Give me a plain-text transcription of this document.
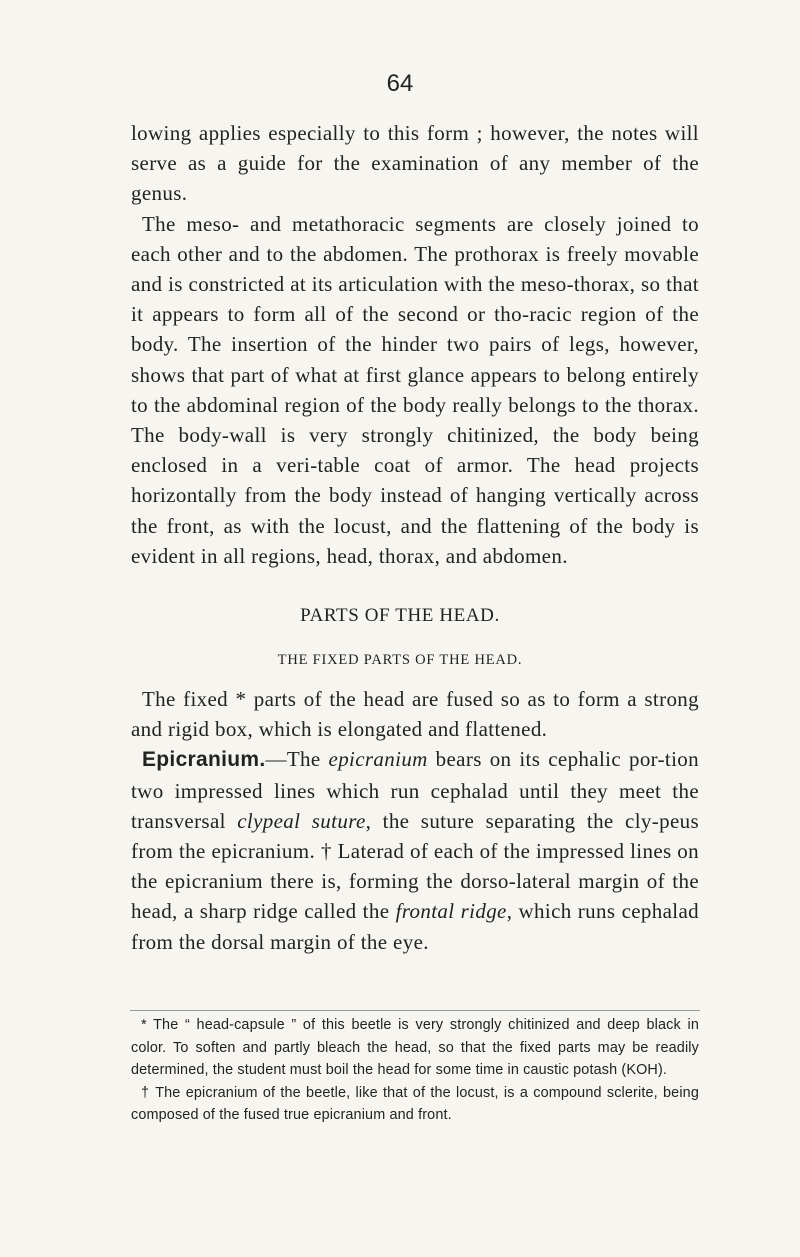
64

lowing applies especially to this form ; however, the notes will serve as a guide for the examination of any member of the genus.

The meso- and metathoracic segments are closely joined to each other and to the abdomen. The prothorax is freely movable and is constricted at its articulation with the meso-thorax, so that it appears to form all of the second or tho-racic region of the body. The insertion of the hinder two pairs of legs, however, shows that part of what at first glance appears to belong entirely to the abdominal region of the body really belongs to the thorax. The body-wall is very strongly chitinized, the body being enclosed in a veri-table coat of armor. The head projects horizontally from the body instead of hanging vertically across the front, as with the locust, and the flattening of the body is evident in all regions, head, thorax, and abdomen.

PARTS OF THE HEAD.
THE FIXED PARTS OF THE HEAD.

The fixed * parts of the head are fused so as to form a strong and rigid box, which is elongated and flattened.

Epicranium.—The epicranium bears on its cephalic por-tion two impressed lines which run cephalad until they meet the transversal clypeal suture, the suture separating the cly-peus from the epicranium. † Laterad of each of the impressed lines on the epicranium there is, forming the dorso-lateral margin of the head, a sharp ridge called the frontal ridge, which runs cephalad from the dorsal margin of the eye.

* The “ head-capsule ” of this beetle is very strongly chitinized and deep black in color. To soften and partly bleach the head, so that the fixed parts may be readily determined, the student must boil the head for some time in caustic potash (KOH).

† The epicranium of the beetle, like that of the locust, is a compound sclerite, being composed of the fused true epicranium and front.
